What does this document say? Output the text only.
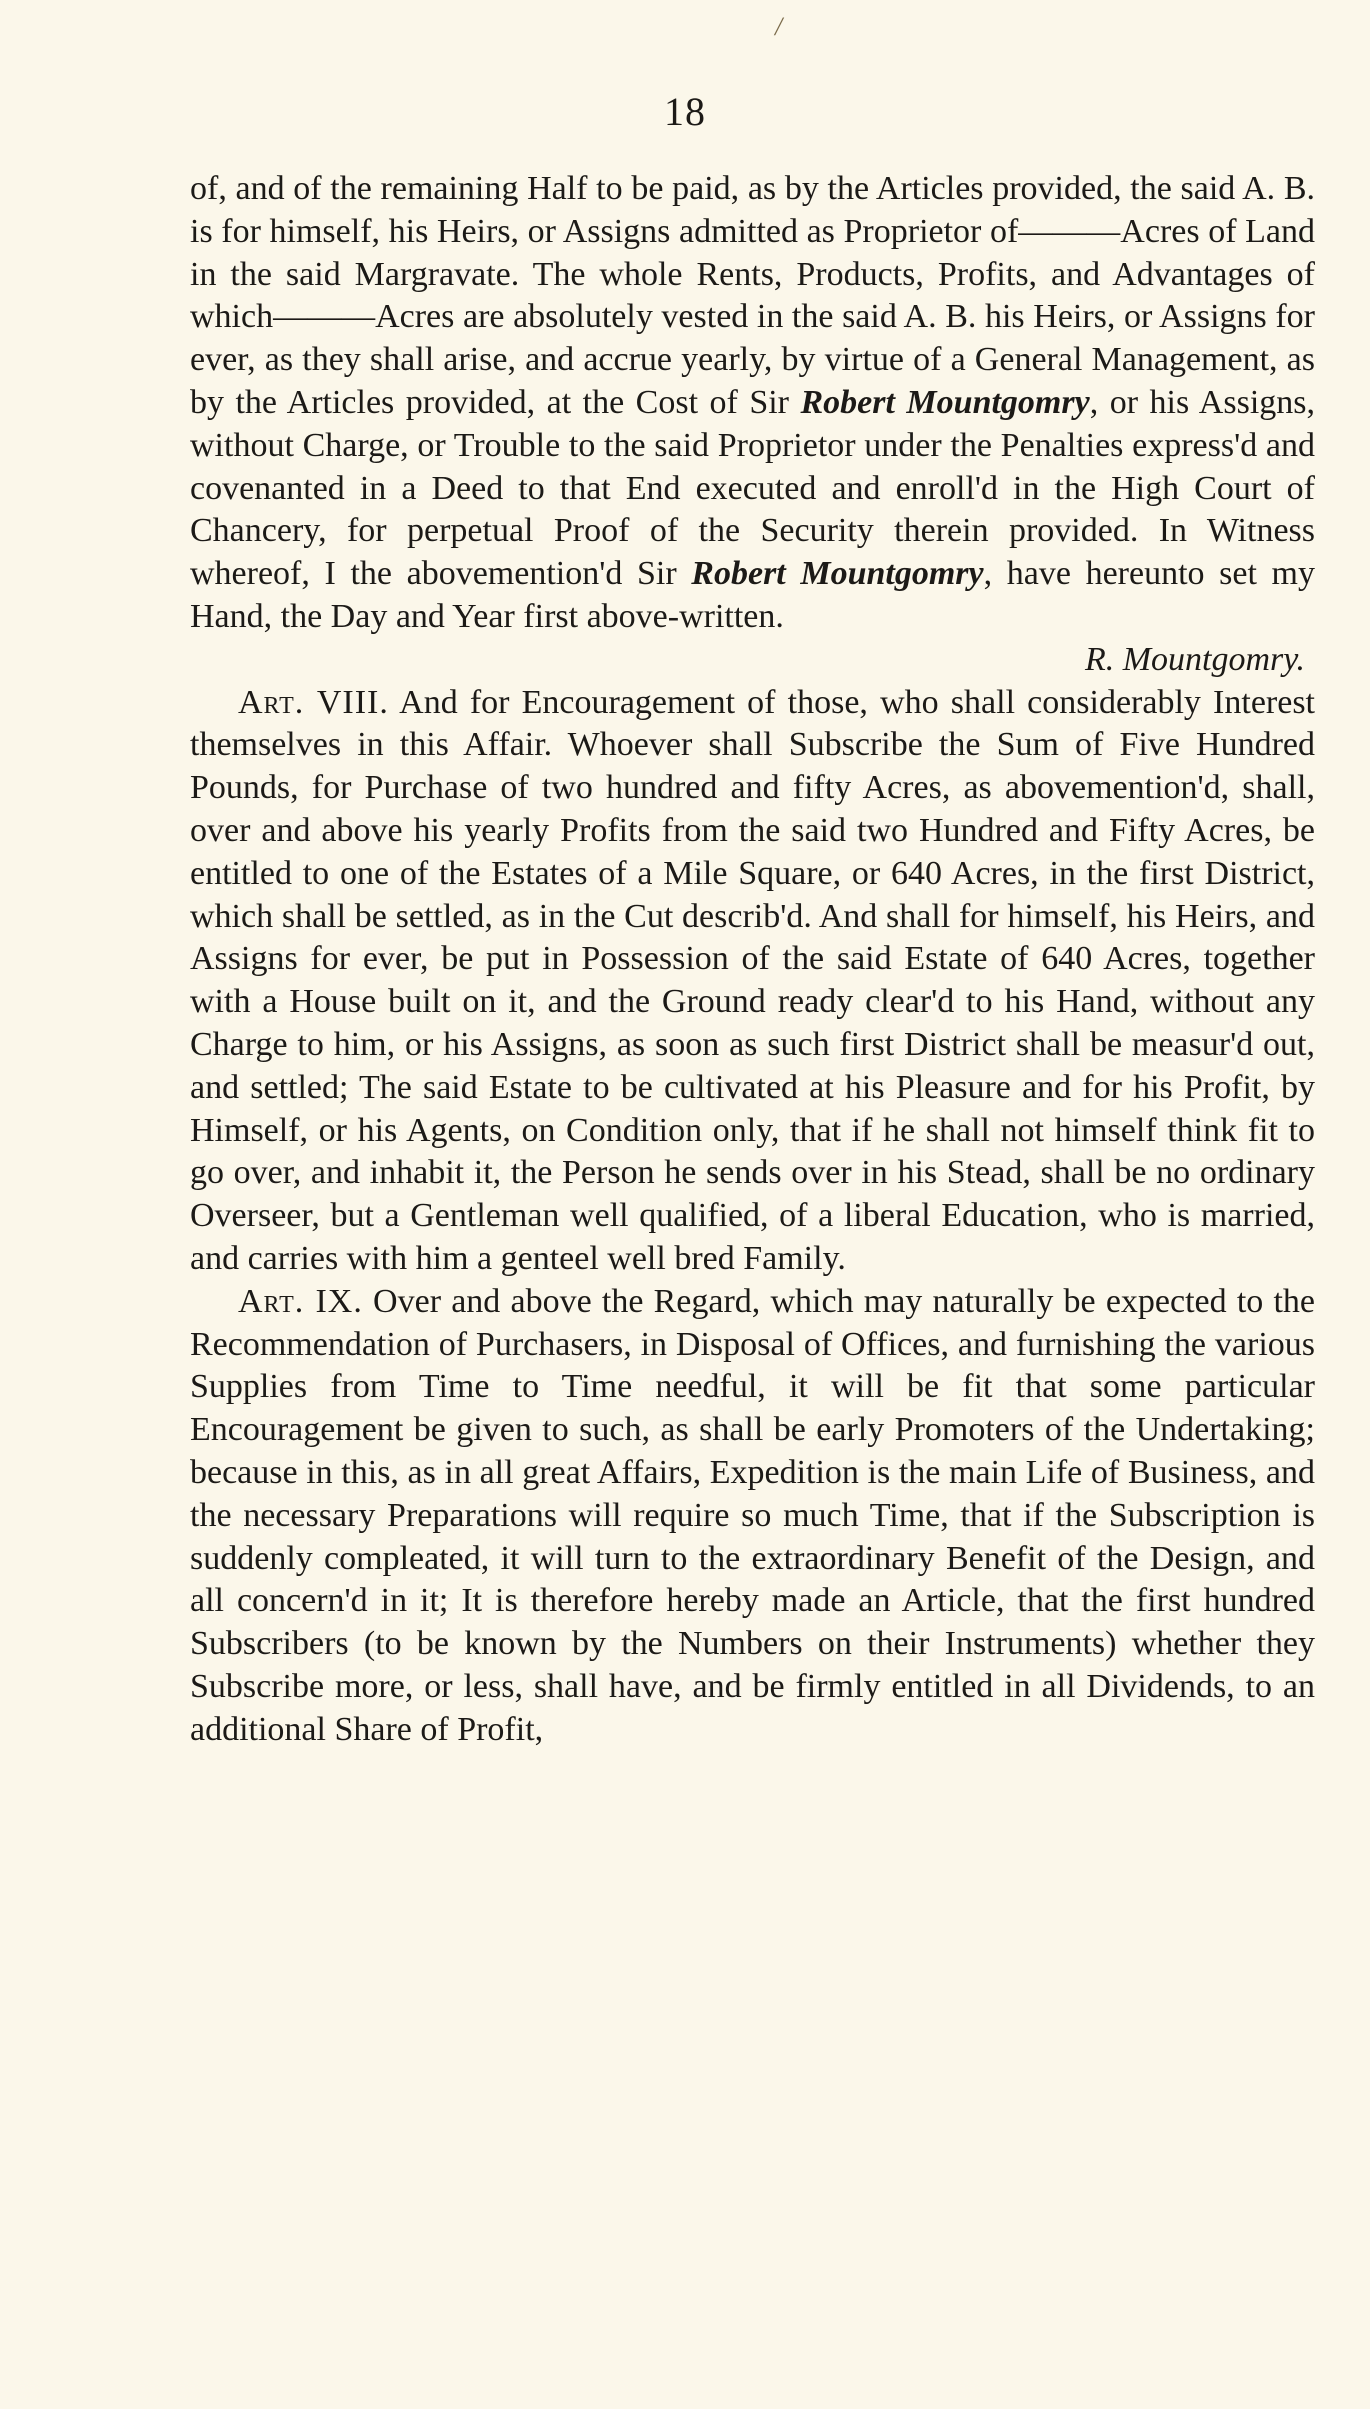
/
18

of, and of the remaining Half to be paid, as by the Articles provided, the said A. B. is for himself, his Heirs, or Assigns admitted as Proprietor of———Acres of Land in the said Margravate. The whole Rents, Products, Profits, and Advantages of which———Acres are absolutely vested in the said A. B. his Heirs, or Assigns for ever, as they shall arise, and accrue yearly, by virtue of a General Management, as by the Articles provided, at the Cost of Sir Robert Mountgomry, or his Assigns, without Charge, or Trouble to the said Proprietor under the Penalties express'd and covenanted in a Deed to that End executed and enroll'd in the High Court of Chancery, for perpetual Proof of the Security therein provided. In Witness whereof, I the abovemention'd Sir Robert Mountgomry, have hereunto set my Hand, the Day and Year first above-written.

R. Mountgomry.

Art. VIII. And for Encouragement of those, who shall considerably Interest themselves in this Affair. Whoever shall Subscribe the Sum of Five Hundred Pounds, for Purchase of two hundred and fifty Acres, as abovemention'd, shall, over and above his yearly Profits from the said two Hundred and Fifty Acres, be entitled to one of the Estates of a Mile Square, or 640 Acres, in the first District, which shall be settled, as in the Cut describ'd. And shall for himself, his Heirs, and Assigns for ever, be put in Possession of the said Estate of 640 Acres, together with a House built on it, and the Ground ready clear'd to his Hand, without any Charge to him, or his Assigns, as soon as such first District shall be measur'd out, and settled; The said Estate to be cultivated at his Pleasure and for his Profit, by Himself, or his Agents, on Condition only, that if he shall not himself think fit to go over, and inhabit it, the Person he sends over in his Stead, shall be no ordinary Overseer, but a Gentleman well qualified, of a liberal Education, who is married, and carries with him a genteel well bred Family.

Art. IX. Over and above the Regard, which may naturally be expected to the Recommendation of Purchasers, in Disposal of Offices, and furnishing the various Supplies from Time to Time needful, it will be fit that some particular Encouragement be given to such, as shall be early Promoters of the Undertaking; because in this, as in all great Affairs, Expedition is the main Life of Business, and the necessary Preparations will require so much Time, that if the Subscription is suddenly compleated, it will turn to the extraordinary Benefit of the Design, and all concern'd in it; It is therefore hereby made an Article, that the first hundred Subscribers (to be known by the Numbers on their Instruments) whether they Subscribe more, or less, shall have, and be firmly entitled in all Dividends, to an additional Share of Profit,
